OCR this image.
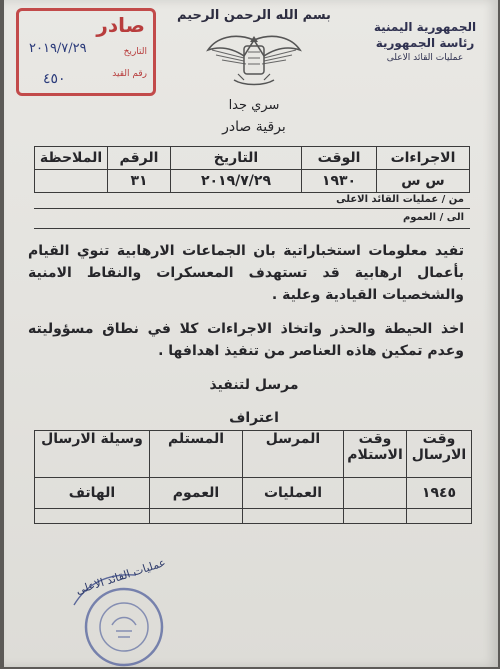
بسم الله الرحمن الرحيم
الجمهورية اليمنية
رئاسة الجمهورية
عمليات القائد الاعلى
صادر
التاريخ
٢٠١٩/٧/٢٩
رقم القيد
٤٥٠
سري جدا
برقية صادر
الاجراءات	الوقت	التاريخ	الرقم	الملاحظة
س س	١٩٣٠	٢٠١٩/٧/٢٩	٣١	
من / عمليات القائد الاعلى
الى / العموم
تفيد معلومات استخباراتية بان الجماعات الارهابية تنوي القيام بأعمال ارهابية قد تستهدف المعسكرات والنقاط الامنية والشخصيات القيادية وعلية .
اخذ الحيطة والحذر واتخاذ الاجراءات كلا في نطاق مسؤوليته وعدم تمكين هاذه العناصر من تنفيذ اهدافها .
مرسل لتنفيذ
اعتراف
وقت الارسال	وقت الاستلام	المرسل	المستلم	وسيلة الارسال
١٩٤٥		العمليات	العموم	الهاتف

عمليات القائد الاعلى
